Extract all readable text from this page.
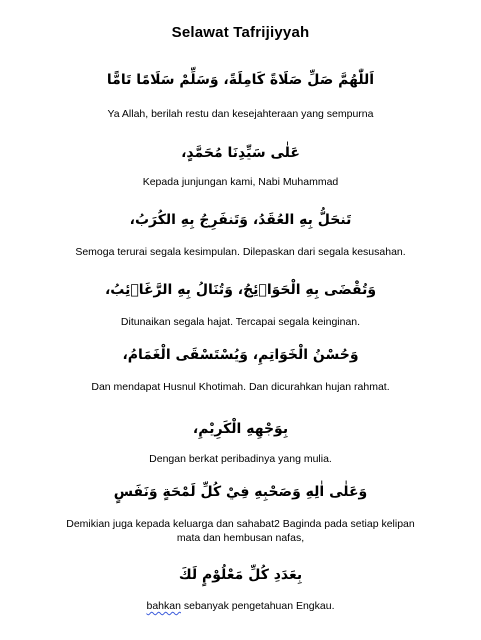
Selawat Tafrijiyyah
اَللّٰهُمَّ صَلِّ صَلَاةً كَامِلَةً، وَسَلِّمْ سَلَامًا تَامًّا
Ya Allah, berilah restu dan kesejahteraan yang sempurna
عَلٰى سَيِّدِنَا مُحَمَّدٍ،
Kepada junjungan kami, Nabi Muhammad
تَنحَلُّ بِهِ العُقَدُ، وَتَنفَرِجُ بِهِ الكُرَبُ،
Semoga terurai segala kesimpulan. Dilepaskan dari segala kesusahan.
وَتُقْضَى بِهِ الْحَوَاۤئِجُ، وَتُنَالُ بِهِ الرَّغَاۤئِبُ،
Ditunaikan segala hajat. Tercapai segala keinginan.
وَحُسْنُ الْخَوَاتِمِ، وَيُسْتَسْقَى الْغَمَامُ،
Dan mendapat Husnul Khotimah. Dan dicurahkan hujan rahmat.
بِوَجْهِهِ الْكَرِيْمِ،
Dengan berkat peribadinya yang mulia.
وَعَلٰى اٰلِهِ وَصَحْبِهِ فِيْ كُلِّ لَمْحَةٍ وَنَفَسٍ
Demikian juga kepada keluarga dan sahabat2 Baginda pada setiap kelipan mata dan hembusan nafas,
بِعَدَدِ كُلِّ مَعْلُوْمٍ لَكَ
bahkan sebanyak pengetahuan Engkau.
